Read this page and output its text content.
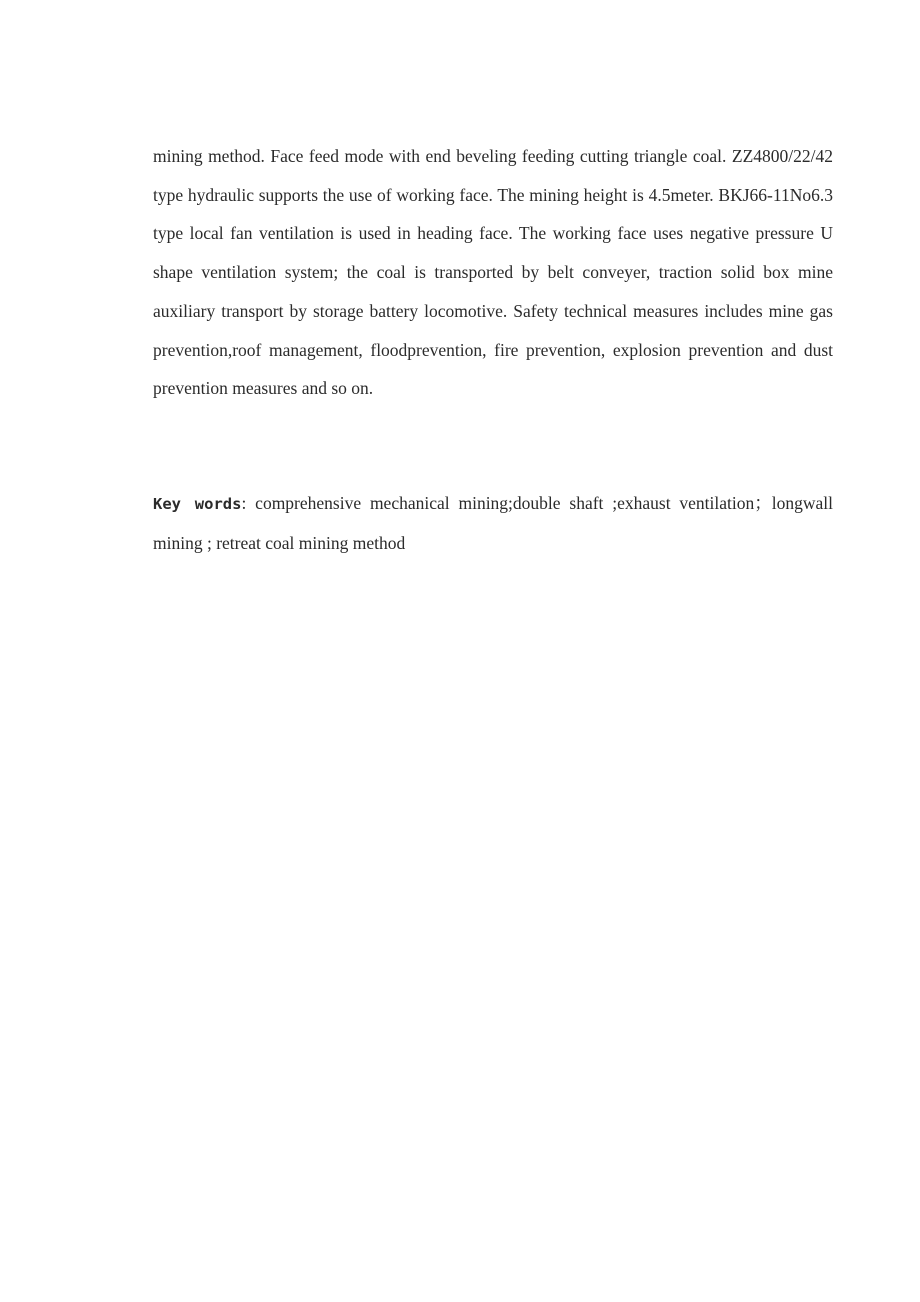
mining method. Face feed mode with end beveling feeding cutting triangle coal. ZZ4800/22/42 type hydraulic supports the use of working face. The mining height is 4.5meter. BKJ66-11No6.3 type local fan ventilation is used in heading face. The working face uses negative pressure U shape ventilation system; the coal is transported by belt conveyer, traction solid box mine auxiliary transport by storage battery locomotive. Safety technical measures includes mine gas prevention,roof management, floodprevention, fire prevention, explosion prevention and dust prevention measures and so on.

Key words: comprehensive mechanical mining;double shaft ;exhaust ventilation；longwall mining ; retreat coal mining method
